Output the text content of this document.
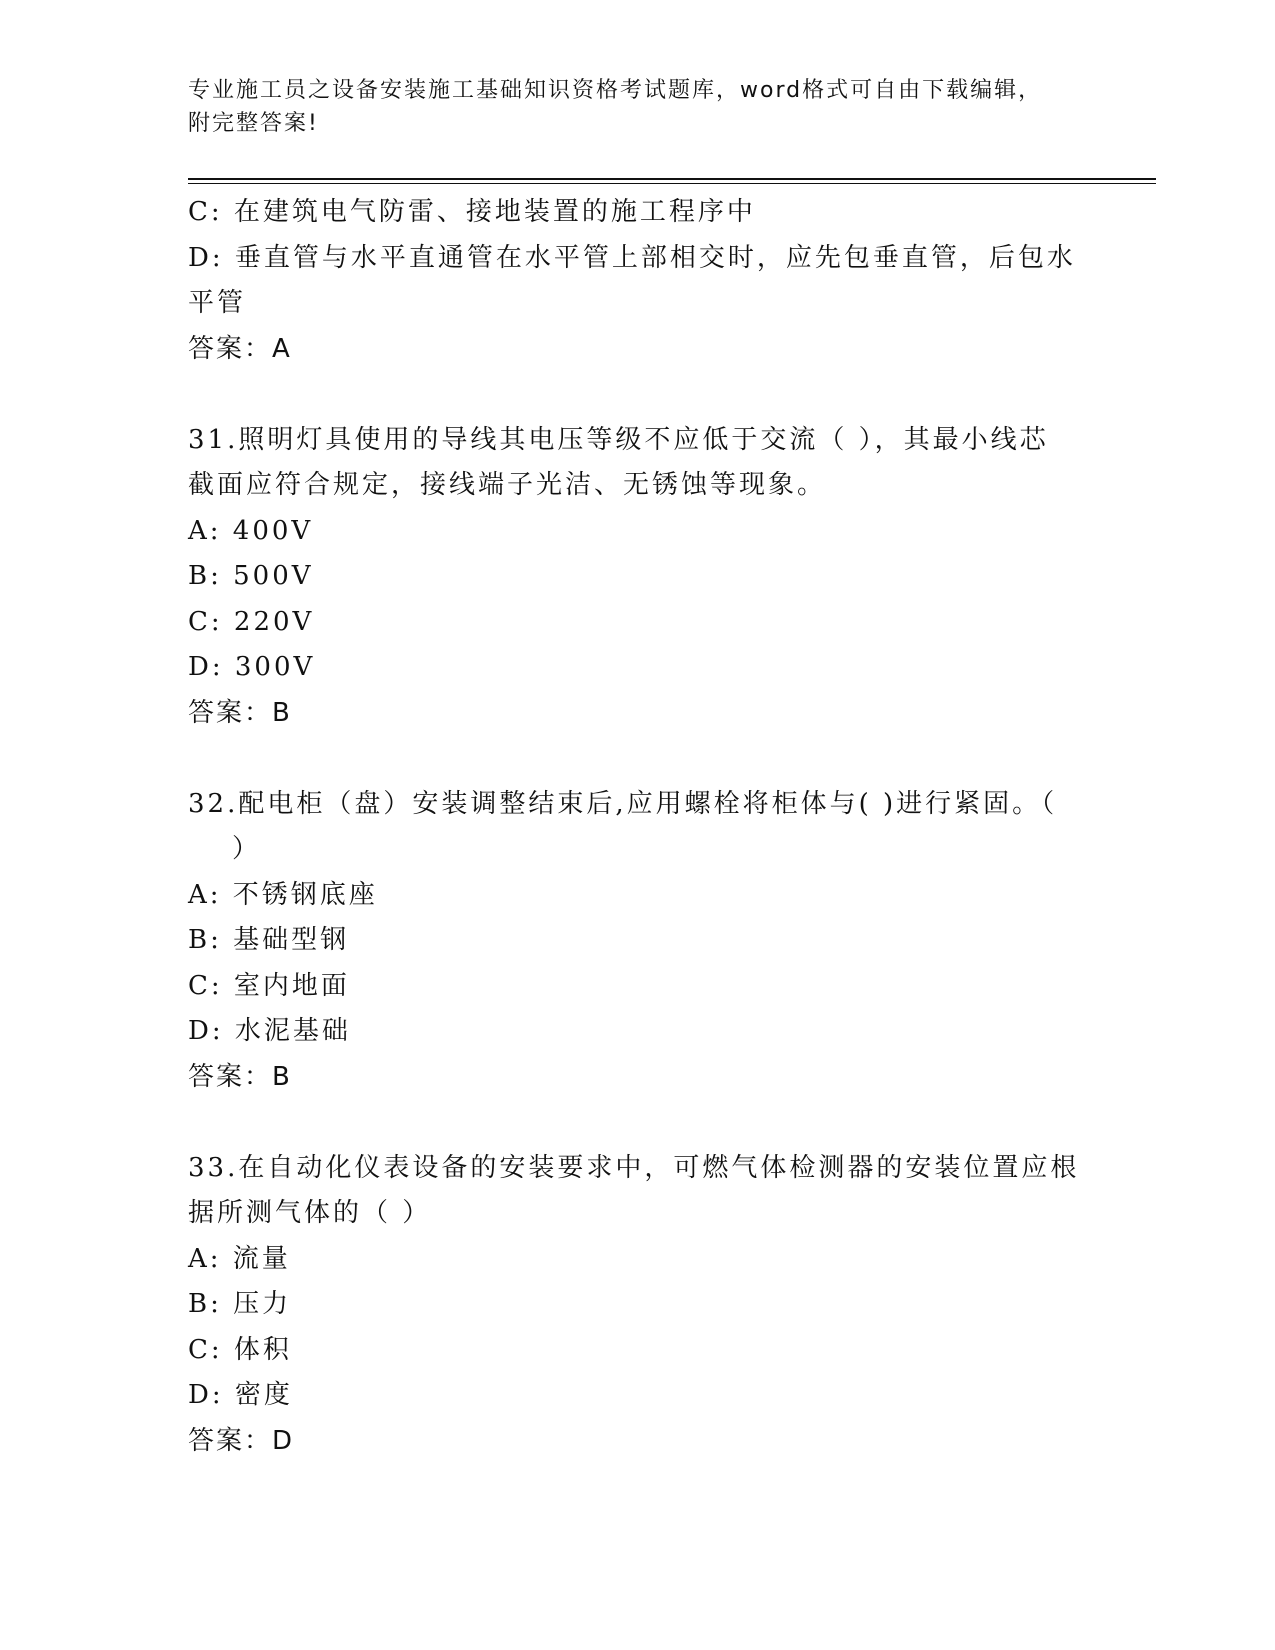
专业施工员之设备安装施工基础知识资格考试题库，word格式可自由下载编辑，
附完整答案!
C: 在建筑电气防雷、接地装置的施工程序中
D: 垂直管与水平直通管在水平管上部相交时，应先包垂直管，后包水
平管
答案：A
31.照明灯具使用的导线其电压等级不应低于交流（ ），其最小线芯
截面应符合规定，接线端子光洁、无锈蚀等现象。
A: 400V
B: 500V
C: 220V
D: 300V
答案：B
32.配电柜（盘）安装调整结束后,应用螺栓将柜体与( )进行紧固。（
）
A: 不锈钢底座
B: 基础型钢
C: 室内地面
D: 水泥基础
答案：B
33.在自动化仪表设备的安装要求中，可燃气体检测器的安装位置应根
据所测气体的（ ）
A: 流量
B: 压力
C: 体积
D: 密度
答案：D
